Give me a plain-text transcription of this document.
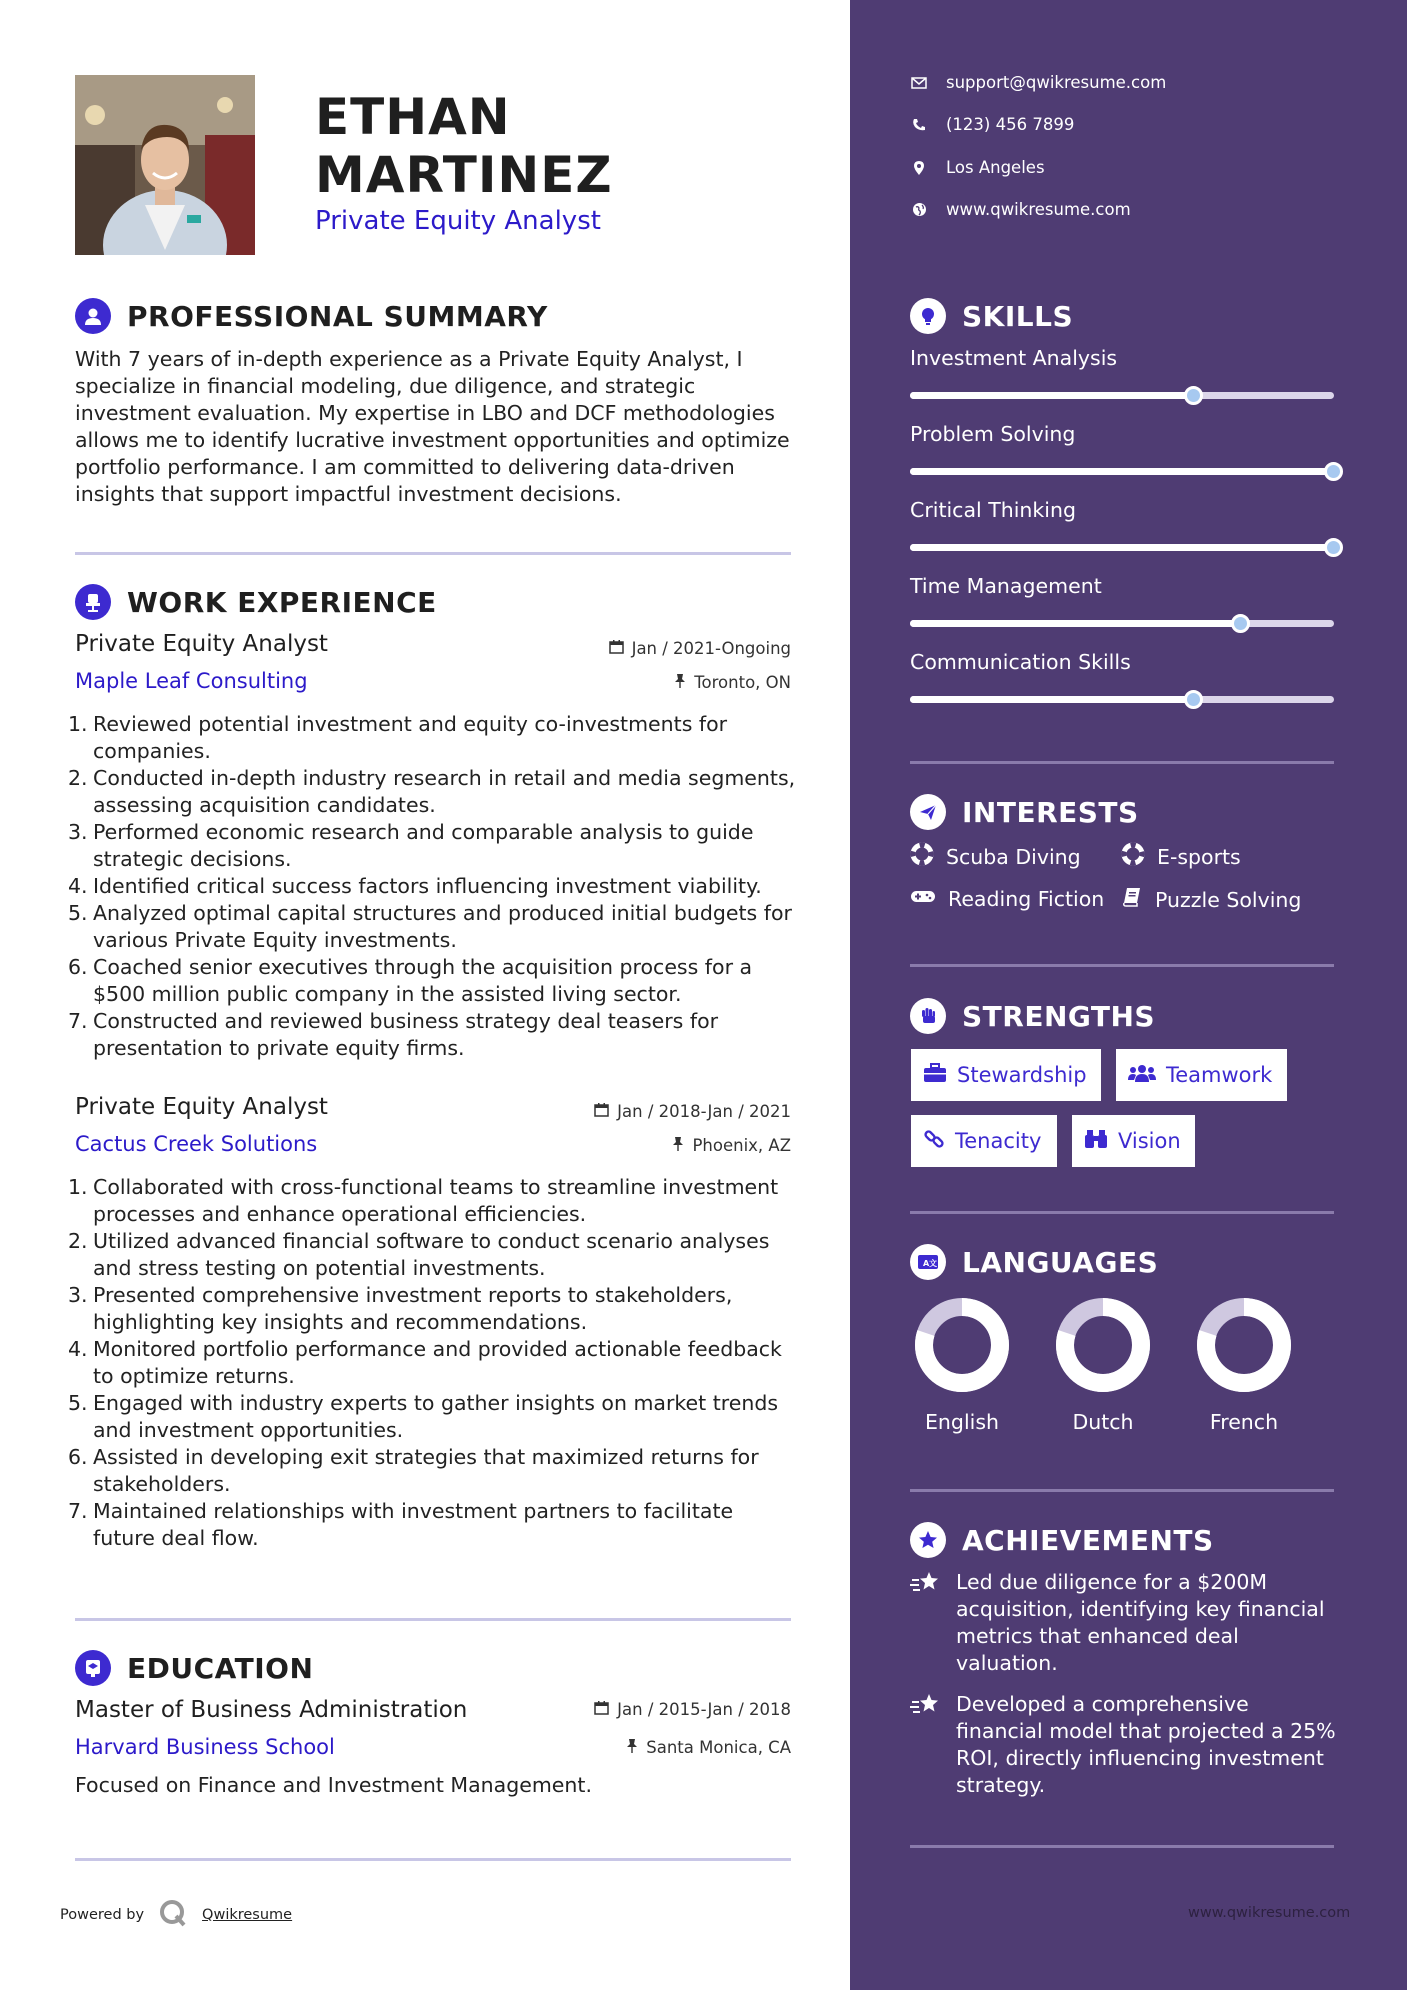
ETHAN
MARTINEZ
Private Equity Analyst
PROFESSIONAL SUMMARY
With 7 years of in-depth experience as a Private Equity Analyst, I specialize in financial modeling, due diligence, and strategic investment evaluation. My expertise in LBO and DCF methodologies allows me to identify lucrative investment opportunities and optimize portfolio performance. I am committed to delivering data-driven insights that support impactful investment decisions.
WORK EXPERIENCE
Private Equity Analyst	Jan / 2021-Ongoing
Maple Leaf Consulting	Toronto, ON
Reviewed potential investment and equity co-investments for companies.
Conducted in-depth industry research in retail and media segments, assessing acquisition candidates.
Performed economic research and comparable analysis to guide strategic decisions.
Identified critical success factors influencing investment viability.
Analyzed optimal capital structures and produced initial budgets for various Private Equity investments.
Coached senior executives through the acquisition process for a $500 million public company in the assisted living sector.
Constructed and reviewed business strategy deal teasers for presentation to private equity firms.
Private Equity Analyst	Jan / 2018-Jan / 2021
Cactus Creek Solutions	Phoenix, AZ
Collaborated with cross-functional teams to streamline investment processes and enhance operational efficiencies.
Utilized advanced financial software to conduct scenario analyses and stress testing on potential investments.
Presented comprehensive investment reports to stakeholders, highlighting key insights and recommendations.
Monitored portfolio performance and provided actionable feedback to optimize returns.
Engaged with industry experts to gather insights on market trends and investment opportunities.
Assisted in developing exit strategies that maximized returns for stakeholders.
Maintained relationships with investment partners to facilitate future deal flow.
EDUCATION
Master of Business Administration	Jan / 2015-Jan / 2018
Harvard Business School	Santa Monica, CA
Focused on Finance and Investment Management.
Powered by	Qwikresume
support@qwikresume.com
(123) 456 7899
Los Angeles
www.qwikresume.com
SKILLS
Investment Analysis
Problem Solving
Critical Thinking
Time Management
Communication Skills
INTERESTS
Scuba Diving	E-sports
Reading Fiction Puzzle Solving
STRENGTHS
Stewardship	Teamwork
Tenacity	Vision
A 文 LANGUAGES
English	Dutch	French
ACHIEVEMENTS
Led due diligence for a $200M acquisition, identifying key financial metrics that enhanced deal valuation.
Developed a comprehensive financial model that projected a 25% ROI, directly influencing investment strategy.
www.qwikresume.com
